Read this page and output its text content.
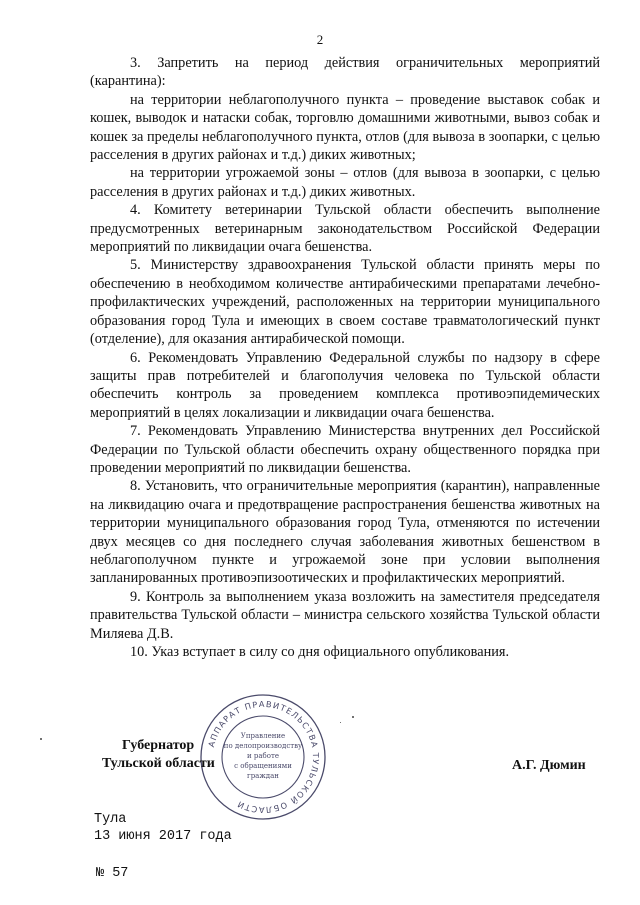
2

3. Запретить на период действия ограничительных мероприятий (карантина):

на территории неблагополучного пункта – проведение выставок собак и кошек, выводок и натаски собак, торговлю домашними животными, вывоз собак и кошек за пределы неблагополучного пункта, отлов (для вывоза в зоопарки, с целью расселения в других районах и т.д.) диких животных;

на территории угрожаемой зоны – отлов (для вывоза в зоопарки, с целью расселения в других районах и т.д.) диких животных.

4. Комитету ветеринарии Тульской области обеспечить выполнение предусмотренных ветеринарным законодательством Российской Федерации мероприятий по ликвидации очага бешенства.

5. Министерству здравоохранения Тульской области принять меры по обеспечению в необходимом количестве антирабическими препаратами лечебно-профилактических учреждений, расположенных на территории муниципального образования город Тула и имеющих в своем составе травматологический пункт (отделение), для оказания антирабической помощи.

6. Рекомендовать Управлению Федеральной службы по надзору в сфере защиты прав потребителей и благополучия человека по Тульской области обеспечить контроль за проведением комплекса противоэпидемических мероприятий в целях локализации и ликвидации очага бешенства.

7. Рекомендовать Управлению Министерства внутренних дел Российской Федерации по Тульской области обеспечить охрану общественного порядка при проведении мероприятий по ликвидации бешенства.

8. Установить, что ограничительные мероприятия (карантин), направленные на ликвидацию очага и предотвращение распространения бешенства животных на территории муниципального образования город Тула, отменяются по истечении двух месяцев со дня последнего случая заболевания животных бешенством в неблагополучном пункте и угрожаемой зоне при условии выполнения запланированных противоэпизоотических и профилактических мероприятий.

9. Контроль за выполнением указа возложить на заместителя председателя правительства Тульской области – министра сельского хозяйства Тульской области Миляева Д.В.

10. Указ вступает в силу со дня официального опубликования.

АППАРАТ ПРАВИТЕЛЬСТВА ТУЛЬСКОЙ ОБЛАСТИ
Управление
по делопроизводству
и работе
с обращениями
граждан
Губернатор
Тульской области	А.Г. Дюмин
Тула
13 июня 2017 года
№ 57
